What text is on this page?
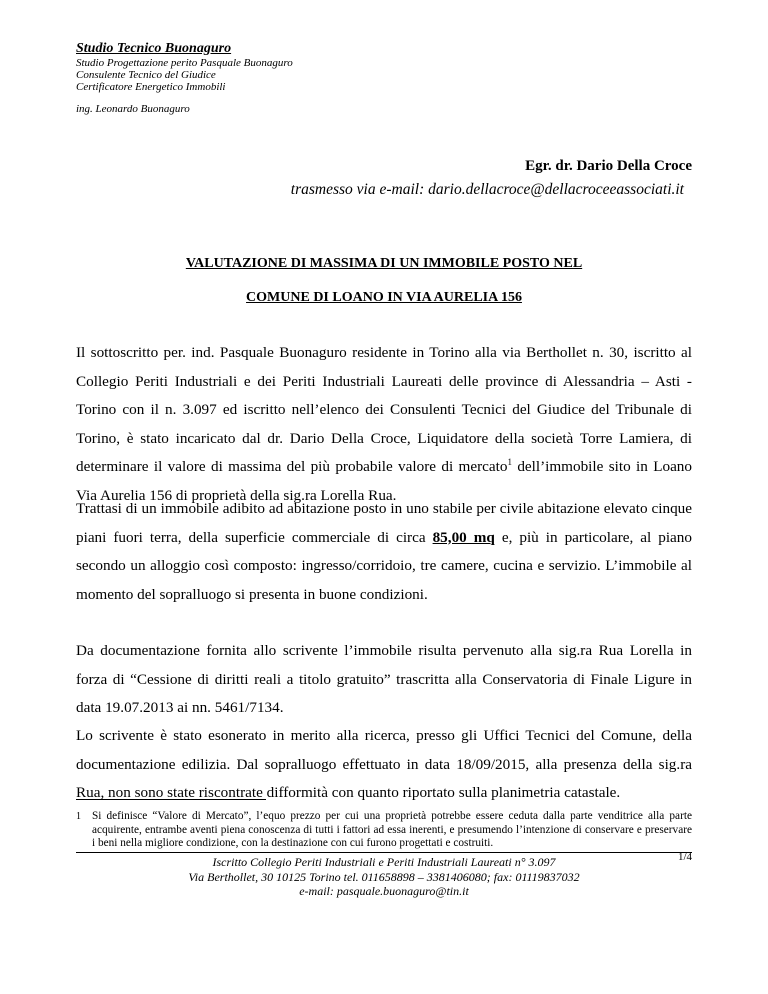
Studio Tecnico Buonaguro
Studio Progettazione perito Pasquale Buonaguro
Consulente Tecnico del Giudice
Certificatore Energetico Immobili
ing. Leonardo Buonaguro
Egr. dr. Dario Della Croce
trasmesso via e-mail: dario.dellacroce@dellacroceeassociati.it
VALUTAZIONE DI MASSIMA DI UN IMMOBILE POSTO NEL
COMUNE DI LOANO IN VIA AURELIA 156
Il sottoscritto per. ind. Pasquale Buonaguro residente in Torino alla via Berthollet n. 30, iscritto al Collegio Periti Industriali e dei Periti Industriali Laureati delle province di Alessandria – Asti - Torino con il n. 3.097 ed iscritto nell’elenco dei Consulenti Tecnici del Giudice del Tribunale di Torino, è stato incaricato dal dr. Dario Della Croce, Liquidatore della società Torre Lamiera, di determinare il valore di massima del più probabile valore di mercato$^1$ dell’immobile sito in Loano Via Aurelia 156 di proprietà della sig.ra Lorella Rua.
Trattasi di un immobile adibito ad abitazione posto in uno stabile per civile abitazione elevato cinque piani fuori terra, della superficie commerciale di circa 85,00 mq e, più in particolare, al piano secondo un alloggio così composto: ingresso/corridoio, tre camere, cucina e servizio. L’immobile al momento del sopralluogo si presenta in buone condizioni.
Da documentazione fornita allo scrivente l’immobile risulta pervenuto alla sig.ra Rua Lorella in forza di “Cessione di diritti reali a titolo gratuito” trascritta alla Conservatoria di Finale Ligure in data 19.07.2013 ai nn. 5461/7134.
Lo scrivente è stato esonerato in merito alla ricerca, presso gli Uffici Tecnici del Comune, della documentazione edilizia. Dal sopralluogo effettuato in data 18/09/2015, alla presenza della sig.ra Rua, non sono state riscontrate difformità con quanto riportato sulla planimetria catastale.
1 Si definisce “Valore di Mercato”, l’equo prezzo per cui una proprietà potrebbe essere ceduta dalla parte venditrice alla parte acquirente, entrambe aventi piena conoscenza di tutti i fattori ad essa inerenti, e presumendo l’intenzione di conservare e preservare i beni nella migliore condizione, con la destinazione con cui furono progettati e costruiti.
1/4
Iscritto Collegio Periti Industriali e Periti Industriali Laureati n° 3.097
Via Berthollet, 30 10125 Torino tel. 011658898 – 3381406080; fax: 01119837032
e-mail: pasquale.buonaguro@tin.it
